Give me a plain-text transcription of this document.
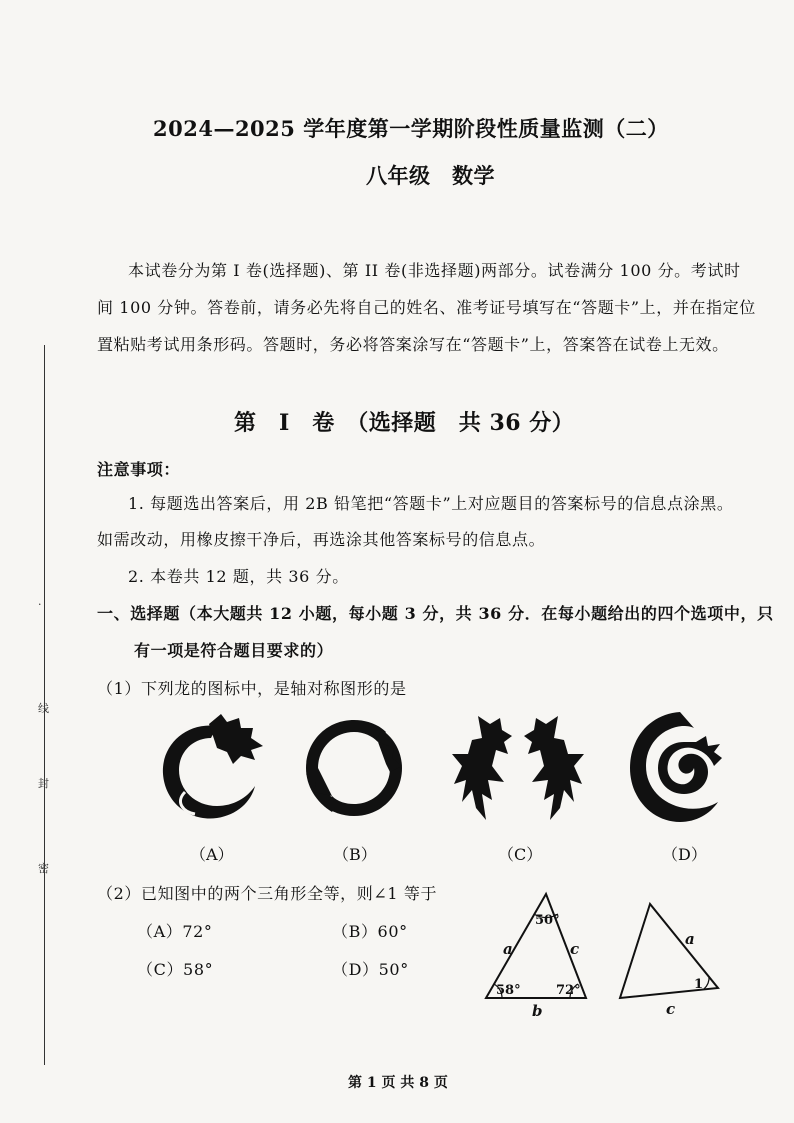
·
线
封
密
2024—2025 学年度第一学期阶段性质量监测（二）
八年级　数学
本试卷分为第 I 卷(选择题)、第 II 卷(非选择题)两部分。试卷满分 100 分。考试时
间 100 分钟。答卷前，请务必先将自己的姓名、准考证号填写在“答题卡”上，并在指定位
置粘贴考试用条形码。答题时，务必将答案涂写在“答题卡”上，答案答在试卷上无效。
第　I　卷　（选择题　共 36 分）
注意事项：
1. 每题选出答案后，用 2B 铅笔把“答题卡”上对应题目的答案标号的信息点涂黑。
如需改动，用橡皮擦干净后，再选涂其他答案标号的信息点。
2. 本卷共 12 题，共 36 分。
一、选择题（本大题共 12 小题，每小题 3 分，共 36 分．在每小题给出的四个选项中，只
有一项是符合题目要求的）
（1）下列龙的图标中，是轴对称图形的是
（A）	（B）	（C）	（D）
（2）已知图中的两个三角形全等，则∠1 等于
（A）72°	（B）60°
（C）58°	（D）50°
50°
58°	72°
a	c
b
a
c
1
第 1 页 共 8 页
